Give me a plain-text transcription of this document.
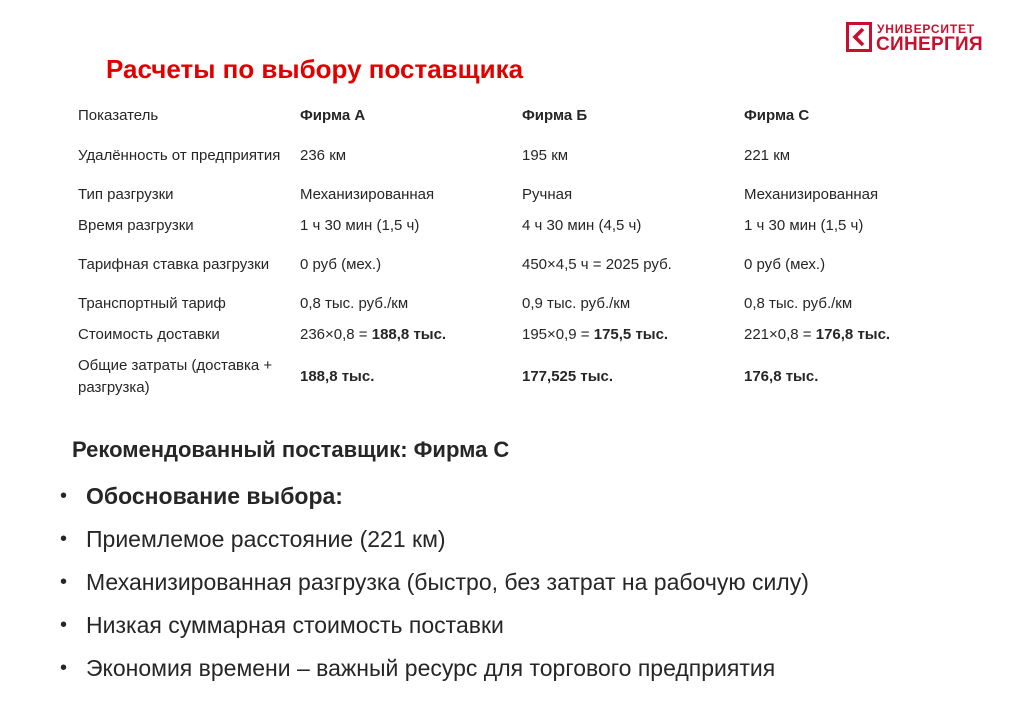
УНИВЕРСИТЕТ
СИНЕРГИЯ
Расчеты по выбору поставщика
Показатель	Фирма А	Фирма Б	Фирма С
Удалённость от предприятия	236 км	195 км	221 км
Тип разгрузки	Механизированная	Ручная	Механизированная
Время разгрузки	1 ч 30 мин (1,5 ч)	4 ч 30 мин (4,5 ч)	1 ч 30 мин (1,5 ч)
Тарифная ставка разгрузки	0 руб (мех.)	450×4,5 ч = 2025 руб.	0 руб (мех.)
Транспортный тариф	0,8 тыс. руб./км	0,9 тыс. руб./км	0,8 тыс. руб./км
Стоимость доставки	236×0,8 = 188,8 тыс.	195×0,9 = 175,5 тыс.	221×0,8 = 176,8 тыс.
Общие затраты (доставка + разгрузка)	188,8 тыс.	177,525 тыс.	176,8 тыс.
Рекомендованный поставщик: Фирма С
• Обоснование выбора:
• Приемлемое расстояние (221 км)
• Механизированная разгрузка (быстро, без затрат на рабочую силу)
• Низкая суммарная стоимость поставки
• Экономия времени – важный ресурс для торгового предприятия
